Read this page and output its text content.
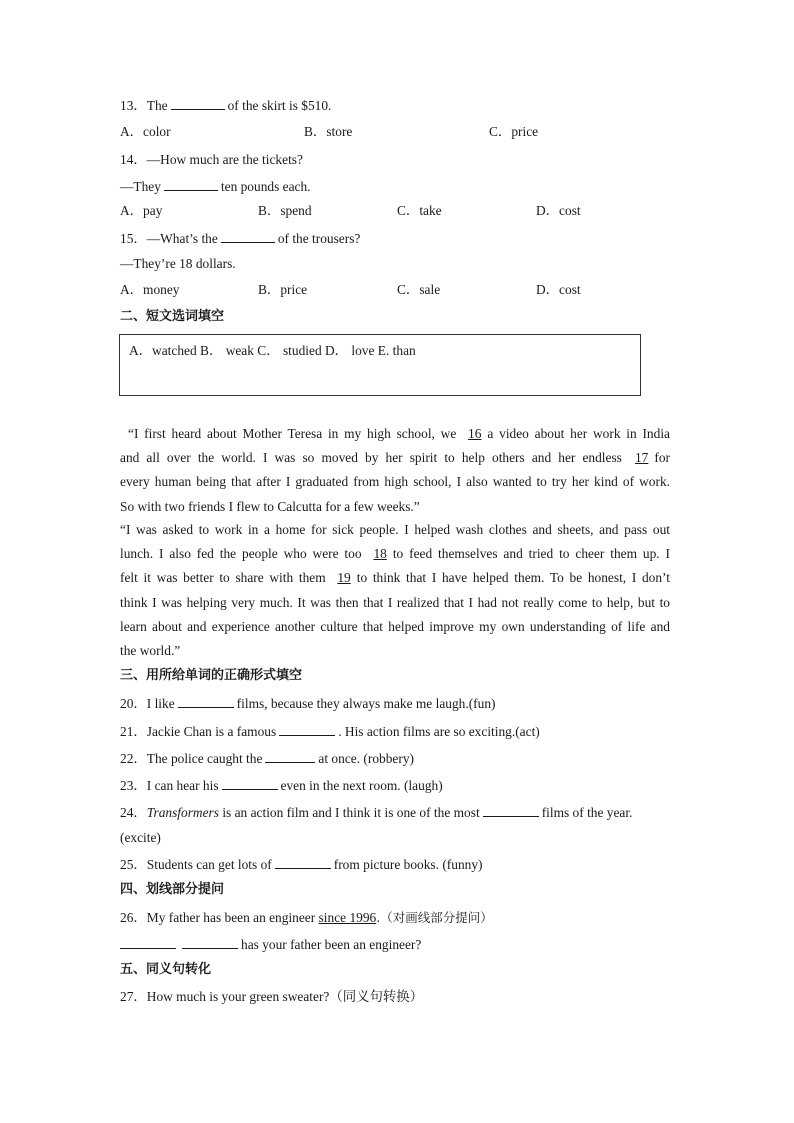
13．The	of the skirt is $510.
A．color	B．store	C．price
14．—How much are the tickets?
—They	ten pounds each.
A．pay	B．spend	C．take	D．cost
15．—What’s the	of the trousers?
—They’re 18 dollars.
A．money	B．price	C．sale	D．cost
二、短文选词填空
A．watched B． weak C． studied D． love E. than
“I first heard about Mother Teresa in my high school, we 16 a video about her work in India
and all over the world. I was so moved by her spirit to help others and her endless 17 for
every human being that after I graduated from high school, I also wanted to try her kind of work.
So with two friends I flew to Calcutta for a few weeks.”
“I was asked to work in a home for sick people. I helped wash clothes and sheets, and pass out
lunch. I also fed the people who were too 18 to feed themselves and tried to cheer them up. I
felt it was better to share with them 19 to think that I have helped them. To be honest, I don’t
think I was helping very much. It was then that I realized that I had not really come to help, but to
learn about and experience another culture that helped improve my own understanding of life and
the world.”
三、用所给单词的正确形式填空
20．I like	films, because they always make me laugh.(fun)
21．Jackie Chan is a famous	. His action films are so exciting.(act)
22．The police caught the	at once. (robbery)
23．I can hear his	even in the next room. (laugh)
24．Transformers is an action film and I think it is one of the most	films of the year.
(excite)
25．Students can get lots of	from picture books. (funny)
四、划线部分提问
26．My father has been an engineer since 1996.（对画线部分提问）
has your father been an engineer?
五、同义句转化
27．How much is your green sweater?（同义句转换）
